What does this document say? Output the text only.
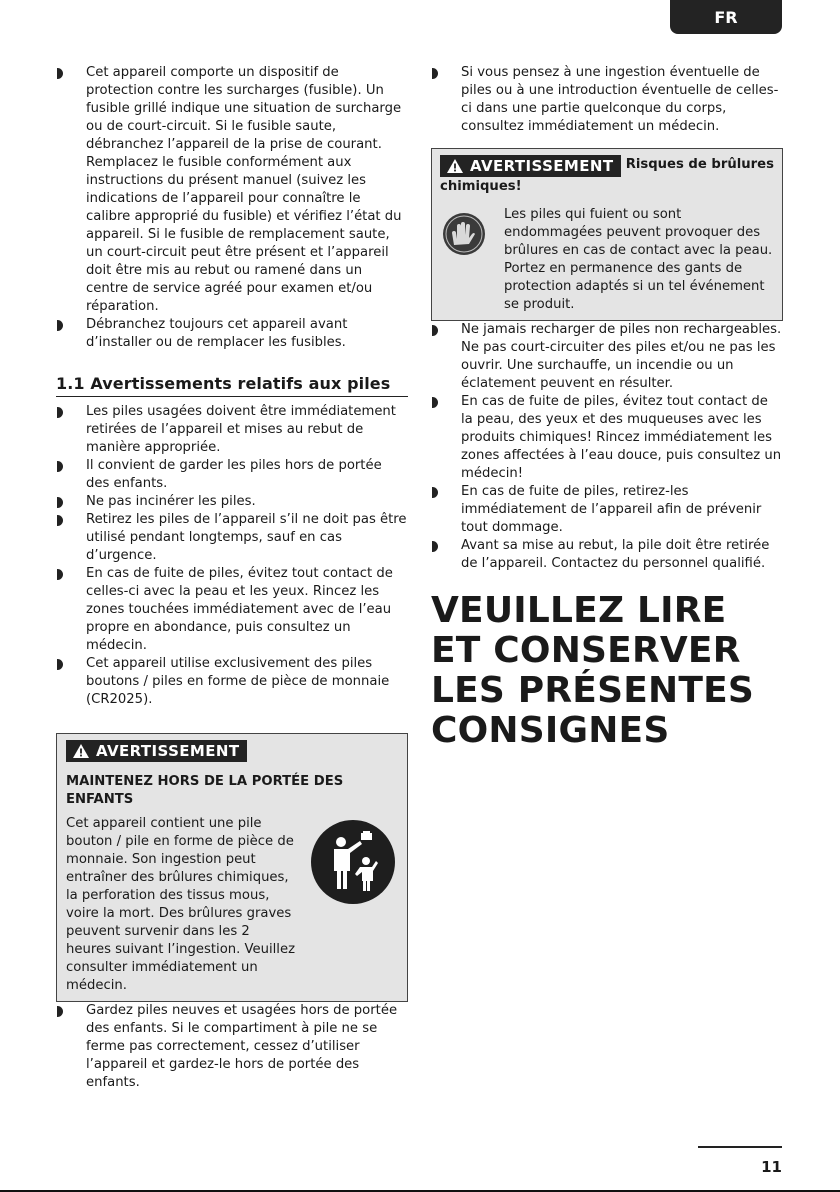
FR
Cet appareil comporte un dispositif de protection contre les surcharges (fusible). Un fusible grillé indique une situation de surcharge ou de court-circuit. Si le fusible saute, débranchez l’appareil de la prise de courant. Remplacez le fusible conformément aux instructions du présent manuel (suivez les indications de l’appareil pour connaître le calibre approprié du fusible) et vérifiez l’état du appareil. Si le fusible de remplacement saute, un court-circuit peut être présent et l’appareil doit être mis au rebut ou ramené dans un centre de service agréé pour examen et/ou réparation.
Débranchez toujours cet appareil avant d’installer ou de remplacer les fusibles.
1.1 Avertissements relatifs aux piles
Les piles usagées doivent être immédiatement retirées de l’appareil et mises au rebut de manière appropriée.
Il convient de garder les piles hors de portée des enfants.
Ne pas incinérer les piles.
Retirez les piles de l’appareil s’il ne doit pas être utilisé pendant longtemps, sauf en cas d’urgence.
En cas de fuite de piles, évitez tout contact de celles-ci avec la peau et les yeux. Rincez les zones touchées immédiatement avec de l’eau propre en abondance, puis consultez un médecin.
Cet appareil utilise exclusivement des piles boutons / piles en forme de pièce de monnaie (CR2025).
AVERTISSEMENT
MAINTENEZ HORS DE LA PORTÉE DES ENFANTS

Cet appareil contient une pile bouton / pile en forme de pièce de monnaie. Son ingestion peut entraîner des brûlures chimiques, la perforation des tissus mous, voire la mort. Des brûlures graves peuvent survenir dans les 2 heures suivant l’ingestion. Veuillez consulter immédiatement un médecin.

Gardez piles neuves et usagées hors de portée des enfants. Si le compartiment à pile ne se ferme pas correctement, cessez d’utiliser l’appareil et gardez-le hors de portée des enfants.
Si vous pensez à une ingestion éventuelle de piles ou à une introduction éventuelle de celles-ci dans une partie quelconque du corps, consultez immédiatement un médecin.
AVERTISSEMENT Risques de brûlures chimiques!

Les piles qui fuient ou sont endommagées peuvent provoquer des brûlures en cas de contact avec la peau. Portez en permanence des gants de protection adaptés si un tel événement se produit.

Ne jamais recharger de piles non rechargeables. Ne pas court-circuiter des piles et/ou ne pas les ouvrir. Une surchauffe, un incendie ou un éclatement peuvent en résulter.
En cas de fuite de piles, évitez tout contact de la peau, des yeux et des muqueuses avec les produits chimiques! Rincez immédiatement les zones affectées à l’eau douce, puis consultez un médecin!
En cas de fuite de piles, retirez-les immédiatement de l’appareil afin de prévenir tout dommage.
Avant sa mise au rebut, la pile doit être retirée de l’appareil. Contactez du personnel qualifié.
VEUILLEZ LIRE
ET CONSERVER
LES PRÉSENTES
CONSIGNES
11
